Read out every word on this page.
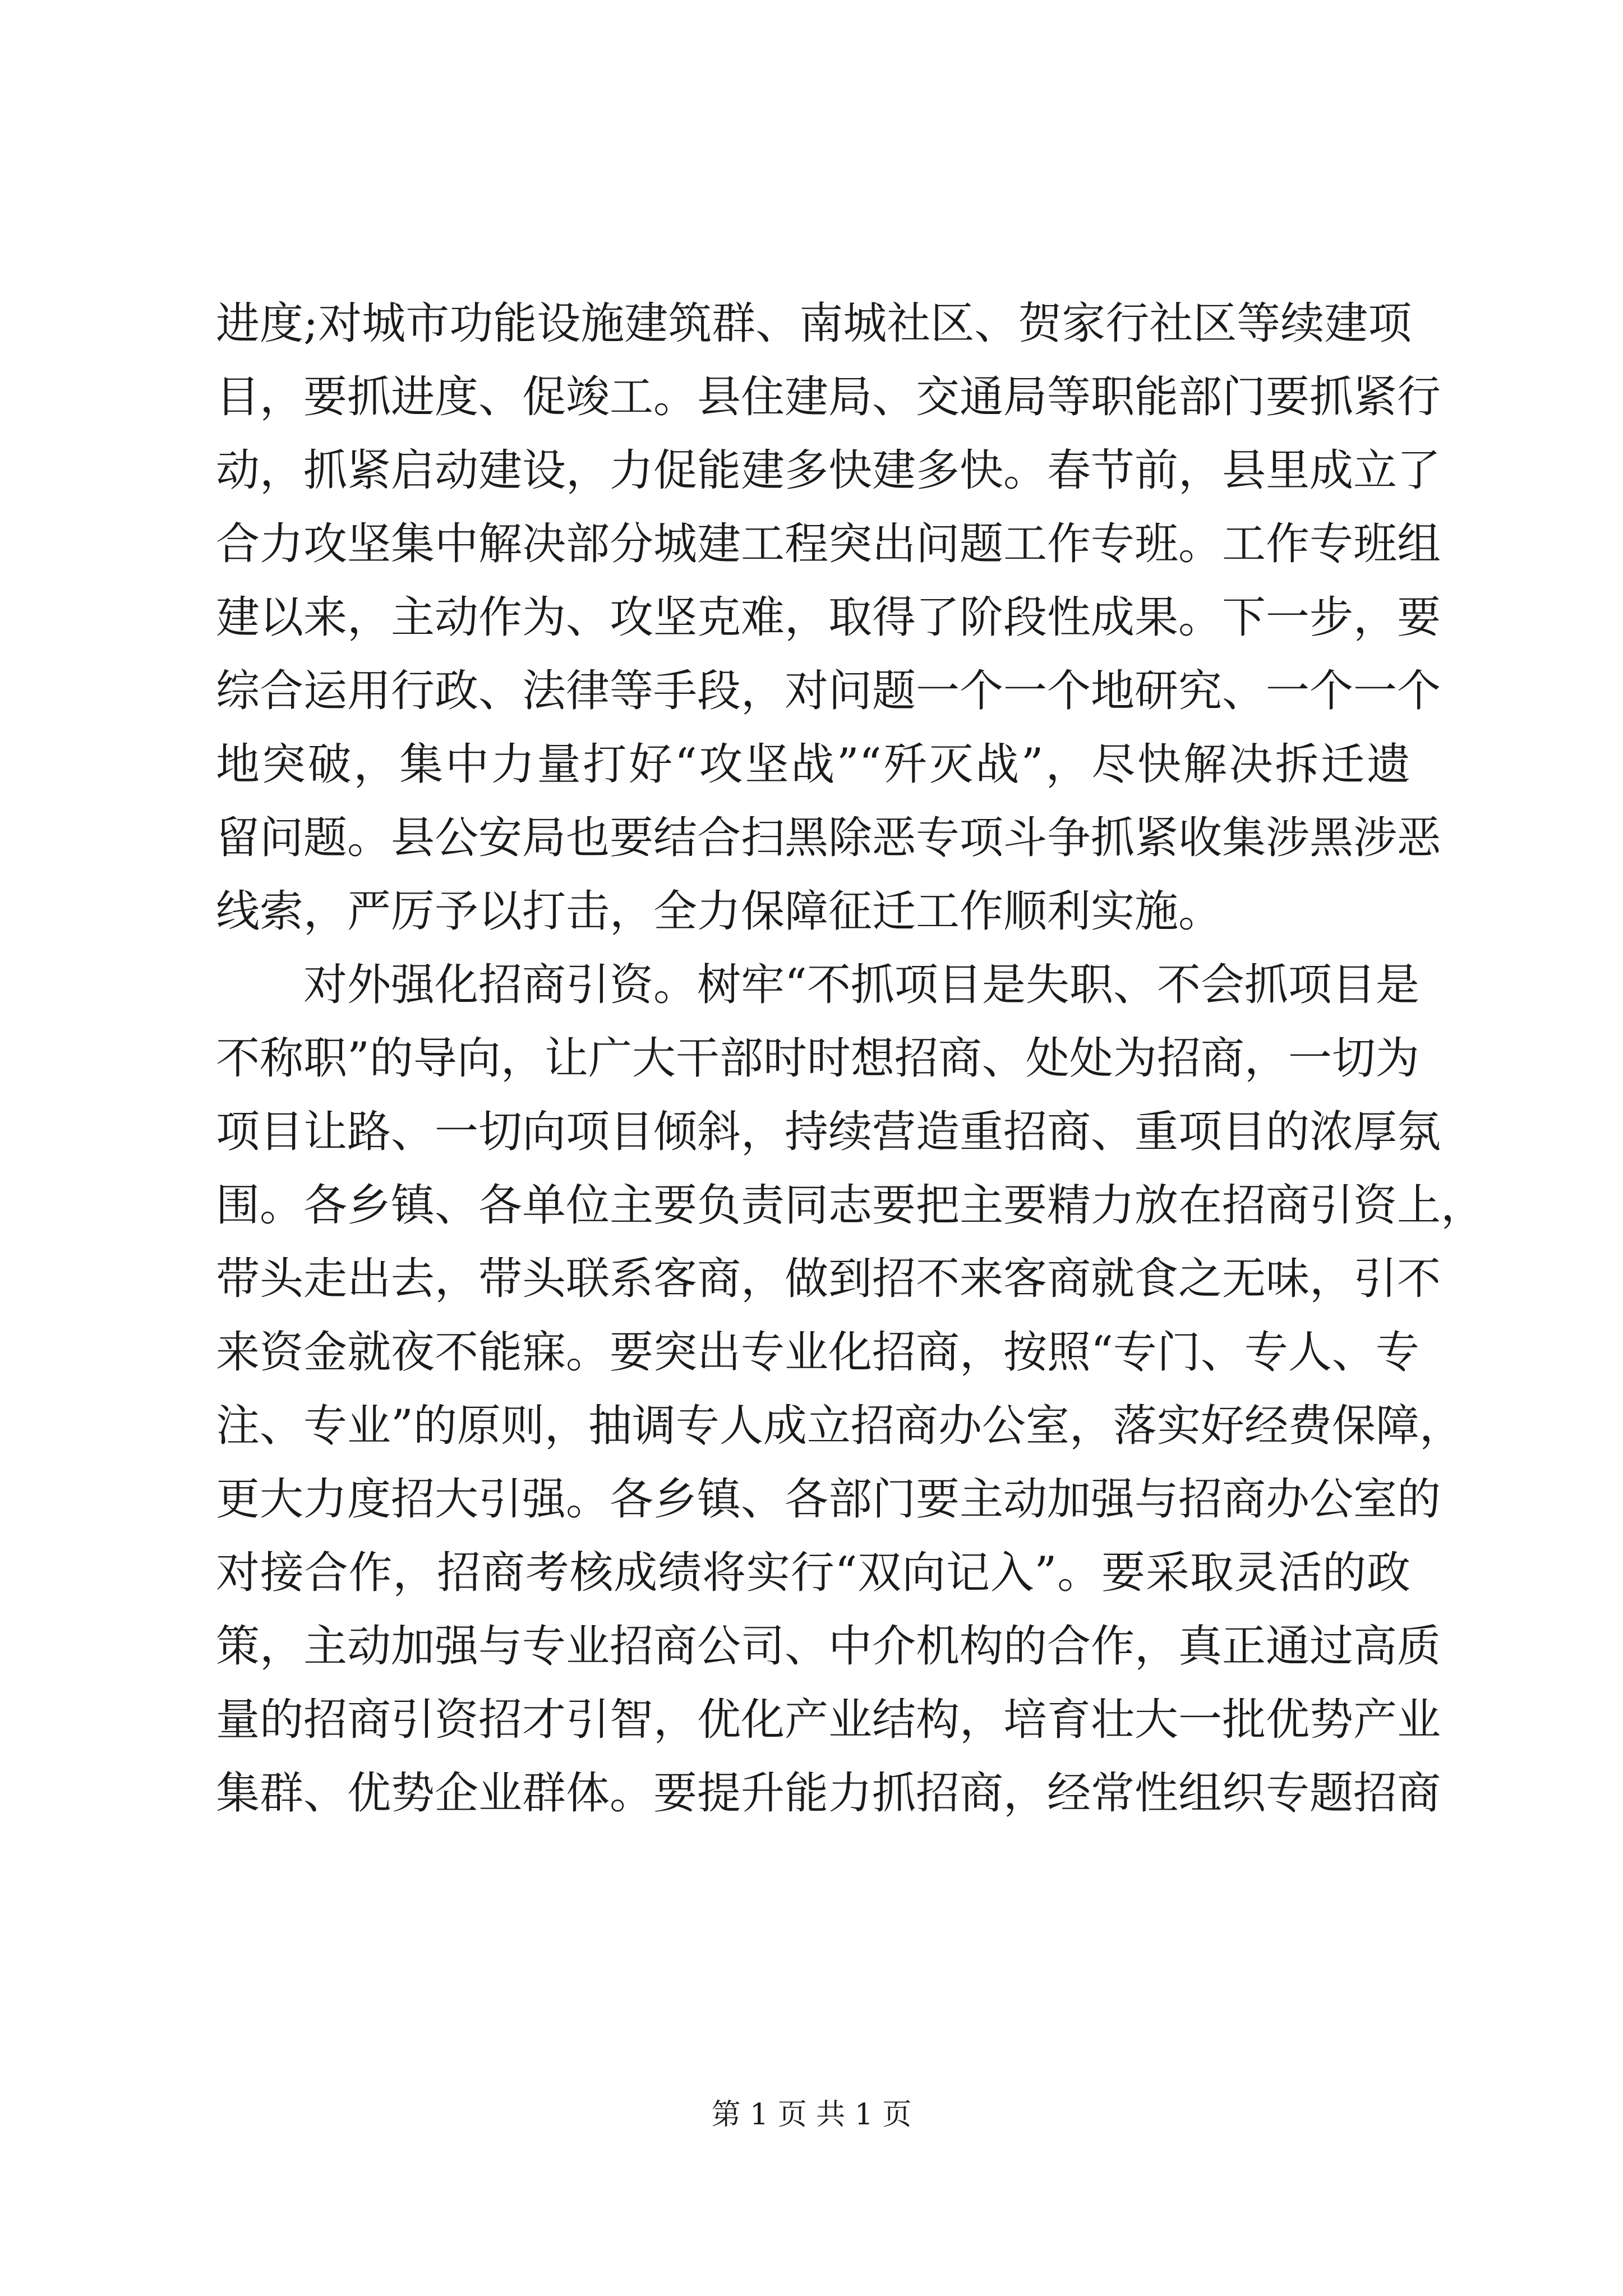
进度;对城市功能设施建筑群、南城社区、贺家行社区等续建项
目，要抓进度、促竣工。县住建局、交通局等职能部门要抓紧行
动，抓紧启动建设，力促能建多快建多快。春节前，县里成立了
合力攻坚集中解决部分城建工程突出问题工作专班。工作专班组
建以来，主动作为、攻坚克难，取得了阶段性成果。下一步，要
综合运用行政、法律等手段，对问题一个一个地研究、一个一个
地突破，集中力量打好“攻坚战”“歼灭战”，尽快解决拆迁遗
留问题。县公安局也要结合扫黑除恶专项斗争抓紧收集涉黑涉恶
线索，严厉予以打击，全力保障征迁工作顺利实施。
对外强化招商引资。树牢“不抓项目是失职、不会抓项目是
不称职”的导向，让广大干部时时想招商、处处为招商，一切为
项目让路、一切向项目倾斜，持续营造重招商、重项目的浓厚氛
围。各乡镇、各单位主要负责同志要把主要精力放在招商引资上，
带头走出去，带头联系客商，做到招不来客商就食之无味，引不
来资金就夜不能寐。要突出专业化招商，按照“专门、专人、专
注、专业”的原则，抽调专人成立招商办公室，落实好经费保障，
更大力度招大引强。各乡镇、各部门要主动加强与招商办公室的
对接合作，招商考核成绩将实行“双向记入”。要采取灵活的政
策，主动加强与专业招商公司、中介机构的合作，真正通过高质
量的招商引资招才引智，优化产业结构，培育壮大一批优势产业
集群、优势企业群体。要提升能力抓招商，经常性组织专题招商
第 1 页 共 1 页
